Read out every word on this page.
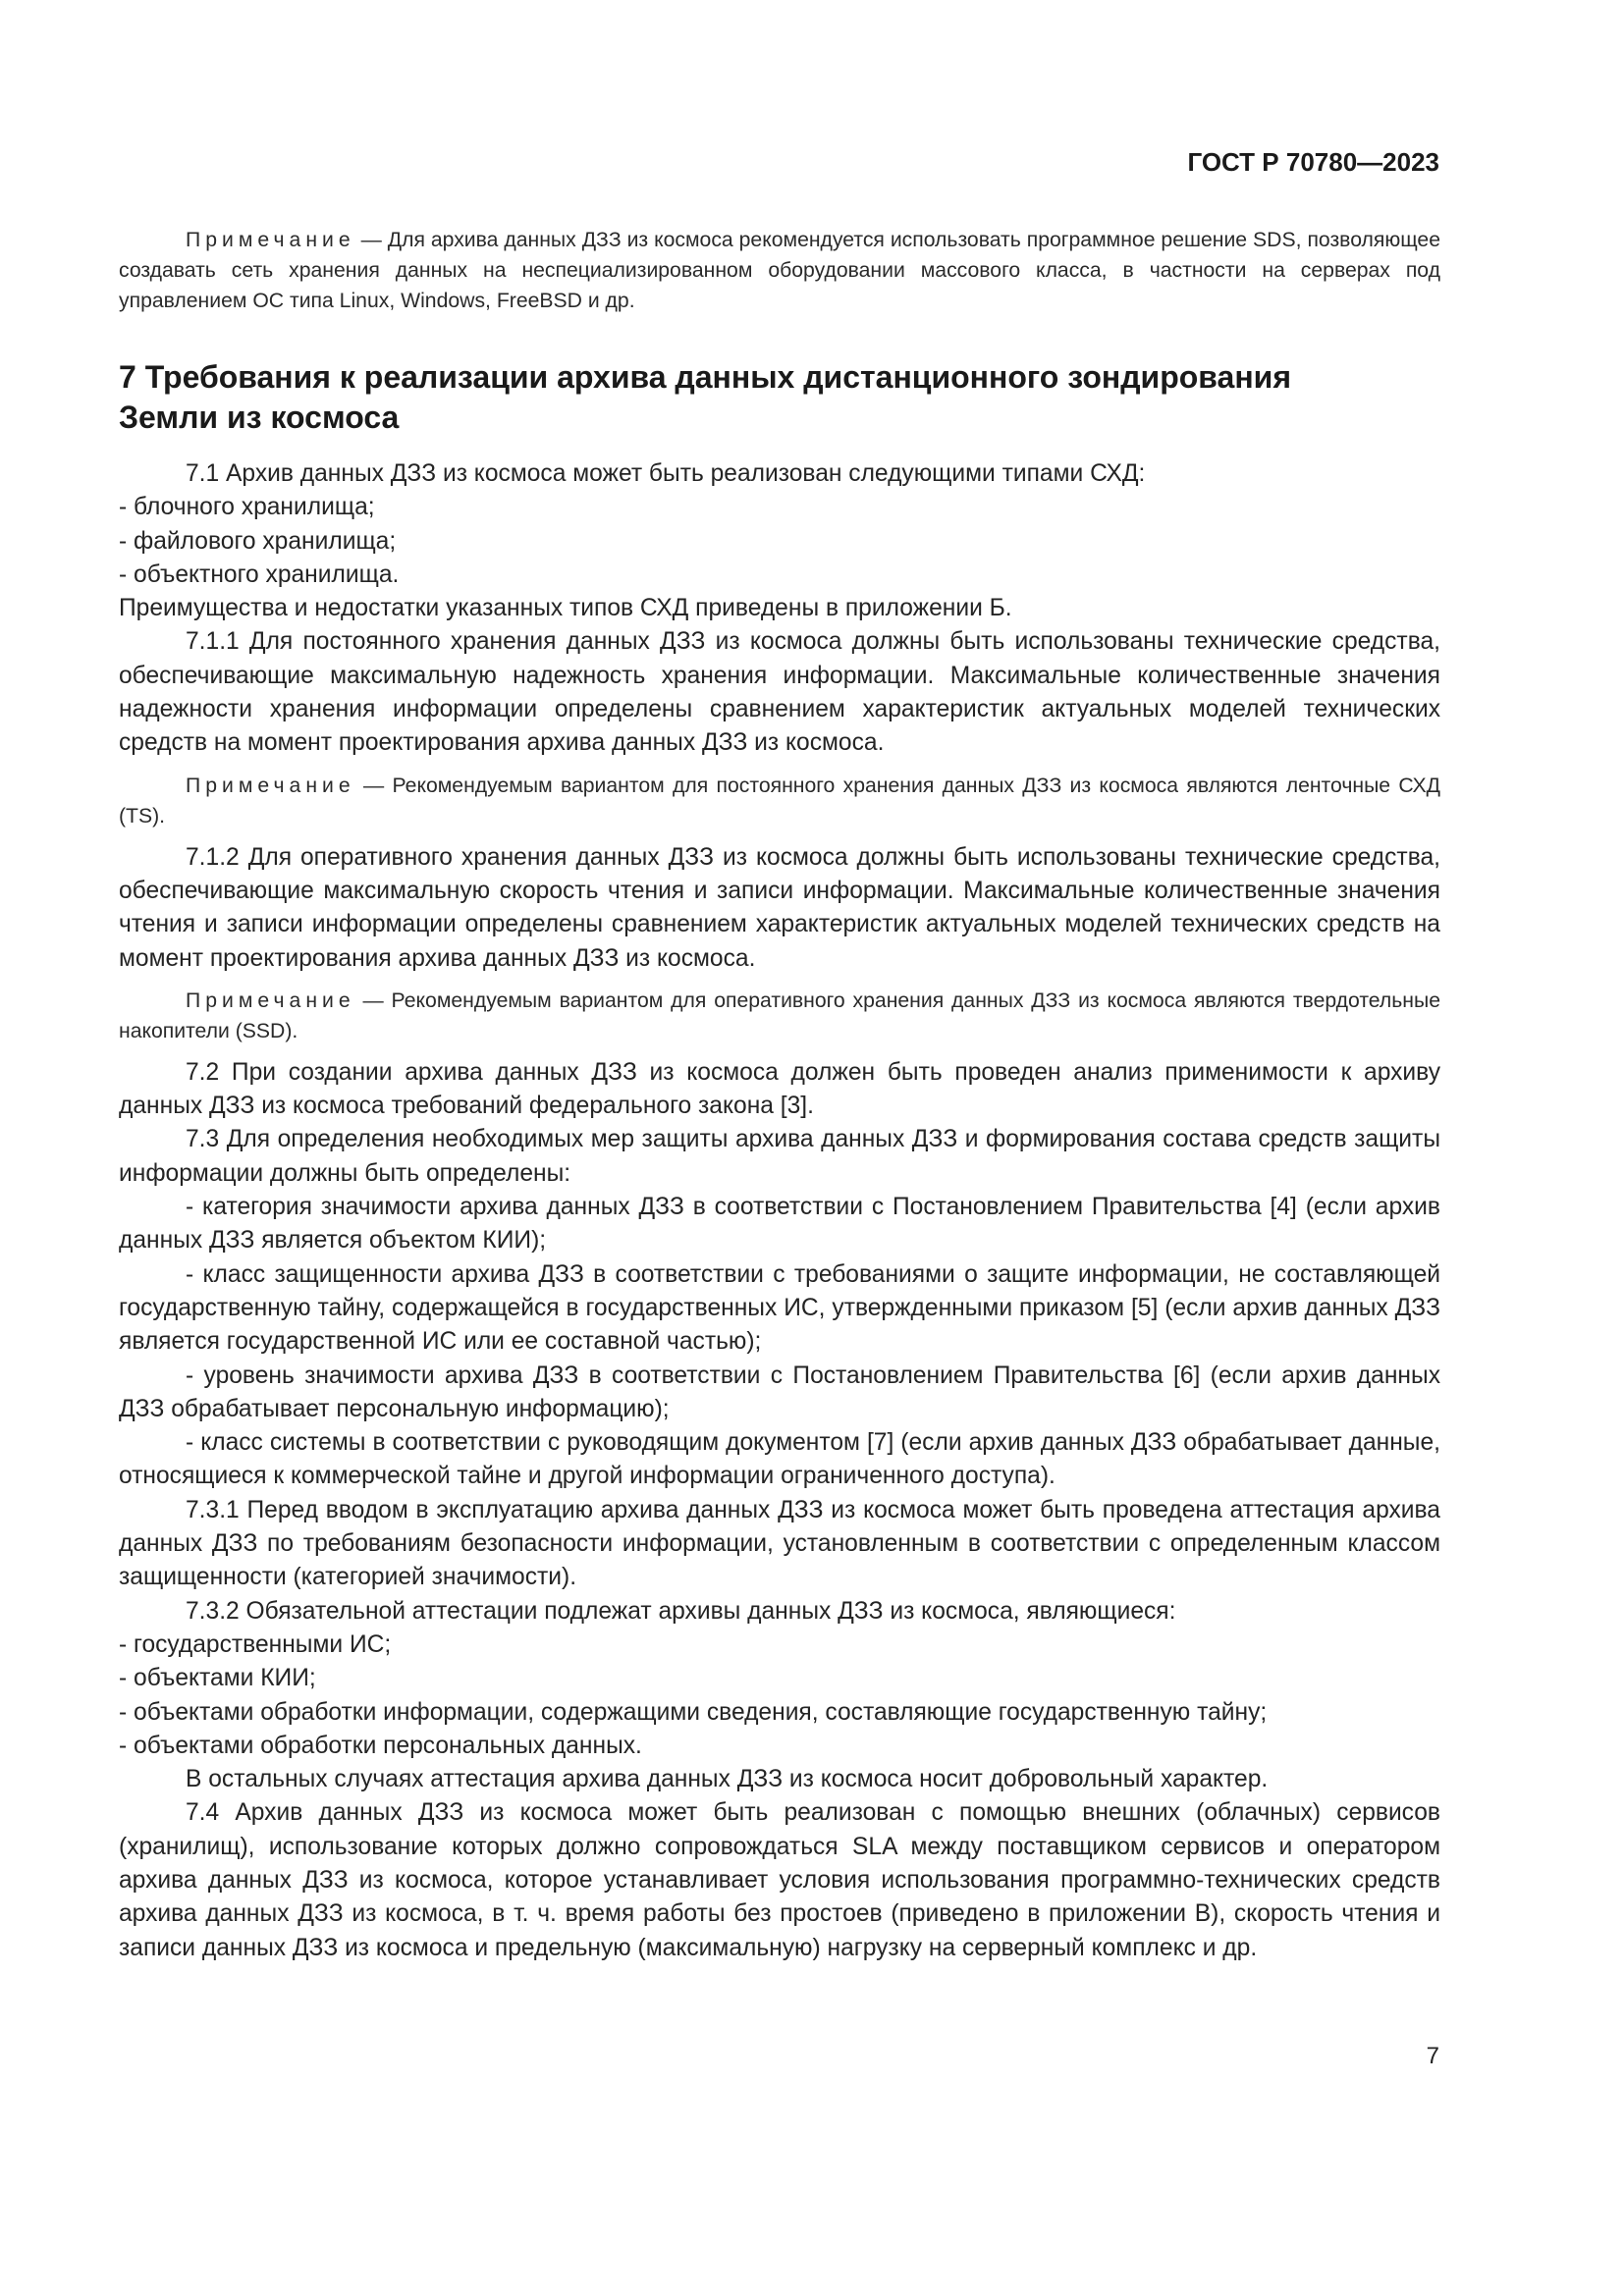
ГОСТ Р 70780—2023

Примечание — Для архива данных ДЗЗ из космоса рекомендуется использовать программное решение SDS, позволяющее создавать сеть хранения данных на неспециализированном оборудовании массового класса, в частности на серверах под управлением ОС типа Linux, Windows, FreeBSD и др.

7 Требования к реализации архива данных дистанционного зондирования

Земли из космоса

7.1 Архив данных ДЗЗ из космоса может быть реализован следующими типами СХД:

- блочного хранилища;

- файлового хранилища;

- объектного хранилища.

Преимущества и недостатки указанных типов СХД приведены в приложении Б.

7.1.1 Для постоянного хранения данных ДЗЗ из космоса должны быть использованы технические средства, обеспечивающие максимальную надежность хранения информации. Максимальные количественные значения надежности хранения информации определены сравнением характеристик актуальных моделей технических средств на момент проектирования архива данных ДЗЗ из космоса.

Примечание — Рекомендуемым вариантом для постоянного хранения данных ДЗЗ из космоса являются ленточные СХД (TS).

7.1.2 Для оперативного хранения данных ДЗЗ из космоса должны быть использованы технические средства, обеспечивающие максимальную скорость чтения и записи информации. Максимальные количественные значения чтения и записи информации определены сравнением характеристик актуальных моделей технических средств на момент проектирования архива данных ДЗЗ из космоса.

Примечание — Рекомендуемым вариантом для оперативного хранения данных ДЗЗ из космоса являются твердотельные накопители (SSD).

7.2 При создании архива данных ДЗЗ из космоса должен быть проведен анализ применимости к архиву данных ДЗЗ из космоса требований федерального закона [3].

7.3 Для определения необходимых мер защиты архива данных ДЗЗ и формирования состава средств защиты информации должны быть определены:

- категория значимости архива данных ДЗЗ в соответствии с Постановлением Правительства [4] (если архив данных ДЗЗ является объектом КИИ);

- класс защищенности архива ДЗЗ в соответствии с требованиями о защите информации, не составляющей государственную тайну, содержащейся в государственных ИС, утвержденными приказом [5] (если архив данных ДЗЗ является государственной ИС или ее составной частью);

- уровень значимости архива ДЗЗ в соответствии с Постановлением Правительства [6] (если архив данных ДЗЗ обрабатывает персональную информацию);

- класс системы в соответствии с руководящим документом [7] (если архив данных ДЗЗ обрабатывает данные, относящиеся к коммерческой тайне и другой информации ограниченного доступа).

7.3.1 Перед вводом в эксплуатацию архива данных ДЗЗ из космоса может быть проведена аттестация архива данных ДЗЗ по требованиям безопасности информации, установленным в соответствии с определенным классом защищенности (категорией значимости).

7.3.2 Обязательной аттестации подлежат архивы данных ДЗЗ из космоса, являющиеся:

- государственными ИС;

- объектами КИИ;

- объектами обработки информации, содержащими сведения, составляющие государственную тайну;

- объектами обработки персональных данных.

В остальных случаях аттестация архива данных ДЗЗ из космоса носит добровольный характер.

7.4 Архив данных ДЗЗ из космоса может быть реализован с помощью внешних (облачных) сервисов (хранилищ), использование которых должно сопровождаться SLA между поставщиком сервисов и оператором архива данных ДЗЗ из космоса, которое устанавливает условия использования программно-технических средств архива данных ДЗЗ из космоса, в т. ч. время работы без простоев (приведено в приложении В), скорость чтения и записи данных ДЗЗ из космоса и предельную (максимальную) нагрузку на серверный комплекс и др.

7
